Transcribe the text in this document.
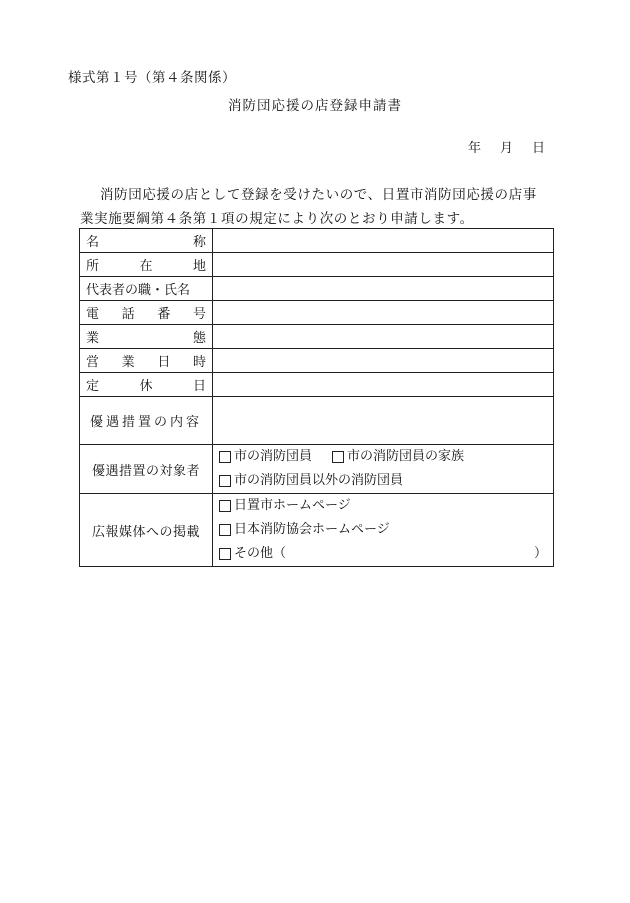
様式第１号（第４条関係）
消防団応援の店登録申請書
年 月 日
消防団応援の店として登録を受けたいので、日置市消防団応援の店事
業実施要綱第４条第１項の規定により次のとおり申請します。
名 称	

所 在 地	

代表者の職・氏名	

電 話 番 号	

業 態	

営 業 日 時	

定 休 日	

優遇措置の内容	
優遇措置の対象者	市の消防団員 市の消防団員の家族
市の消防団員以外の消防団員

広報媒体への掲載	日置市ホームページ
日本消防協会ホームページ
その他（ ）
